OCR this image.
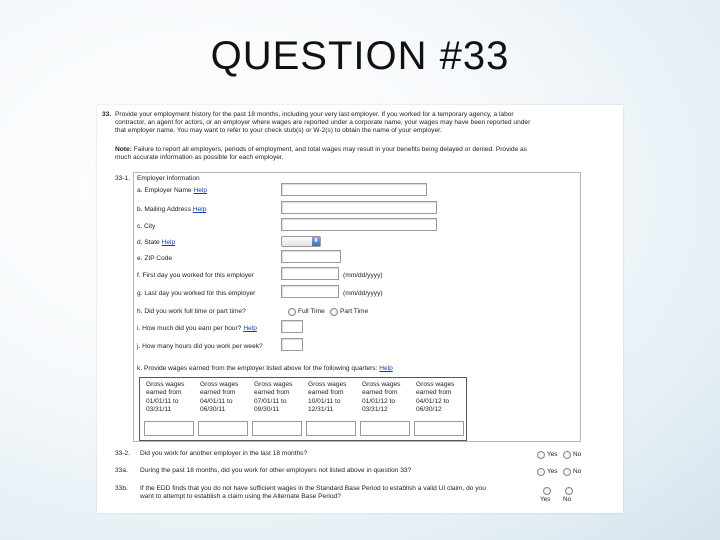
QUESTION #33
33. Provide your employment history for the past 18 months, including your very last employer. If you worked for a temporary agency, a labor
contractor, an agent for actors, or an employer where wages are reported under a corporate name, your wages may have been reported under
that employer name. You may want to refer to your check stub(s) or W-2(s) to obtain the name of your employer.
Note: Failure to report all employers, periods of employment, and total wages may result in your benefits being delayed or denied. Provide as
much accurate information as possible for each employer.
33-1. Employer Information
a. Employer Name Help
b. Mailing Address Help
c. City
d. State Help	⬍
e. ZIP Code
f. First day you worked for this employer	(mm/dd/yyyy)
g. Last day you worked for this employer	(mm/dd/yyyy)
h. Did you work full time or part time?	Full Time Part Time
i. How much did you earn per hour? Help
j. How many hours did you work per week?
k. Provide wages earned from the employer listed above for the following quarters: Help
Gross wages
earned from
01/01/11 to
03/31/11
Gross wages
earned from
04/01/11 to
06/30/11
Gross wages
earned from
07/01/11 to
09/30/11
Gross wages
earned from
10/01/11 to
12/31/11
Gross wages
earned from
01/01/12 to
03/31/12
Gross wages
earned from
04/01/12 to
06/30/12
33-2. Did you work for another employer in the last 18 months?	Yes No
33a. During the past 18 months, did you work for other employers not listed above in question 33?	Yes No
33b. If the EDD finds that you do not have sufficient wages in the Standard Base Period to establish a valid UI claim, do you
want to attempt to establish a claim using the Alternate Base Period?	Yes No
